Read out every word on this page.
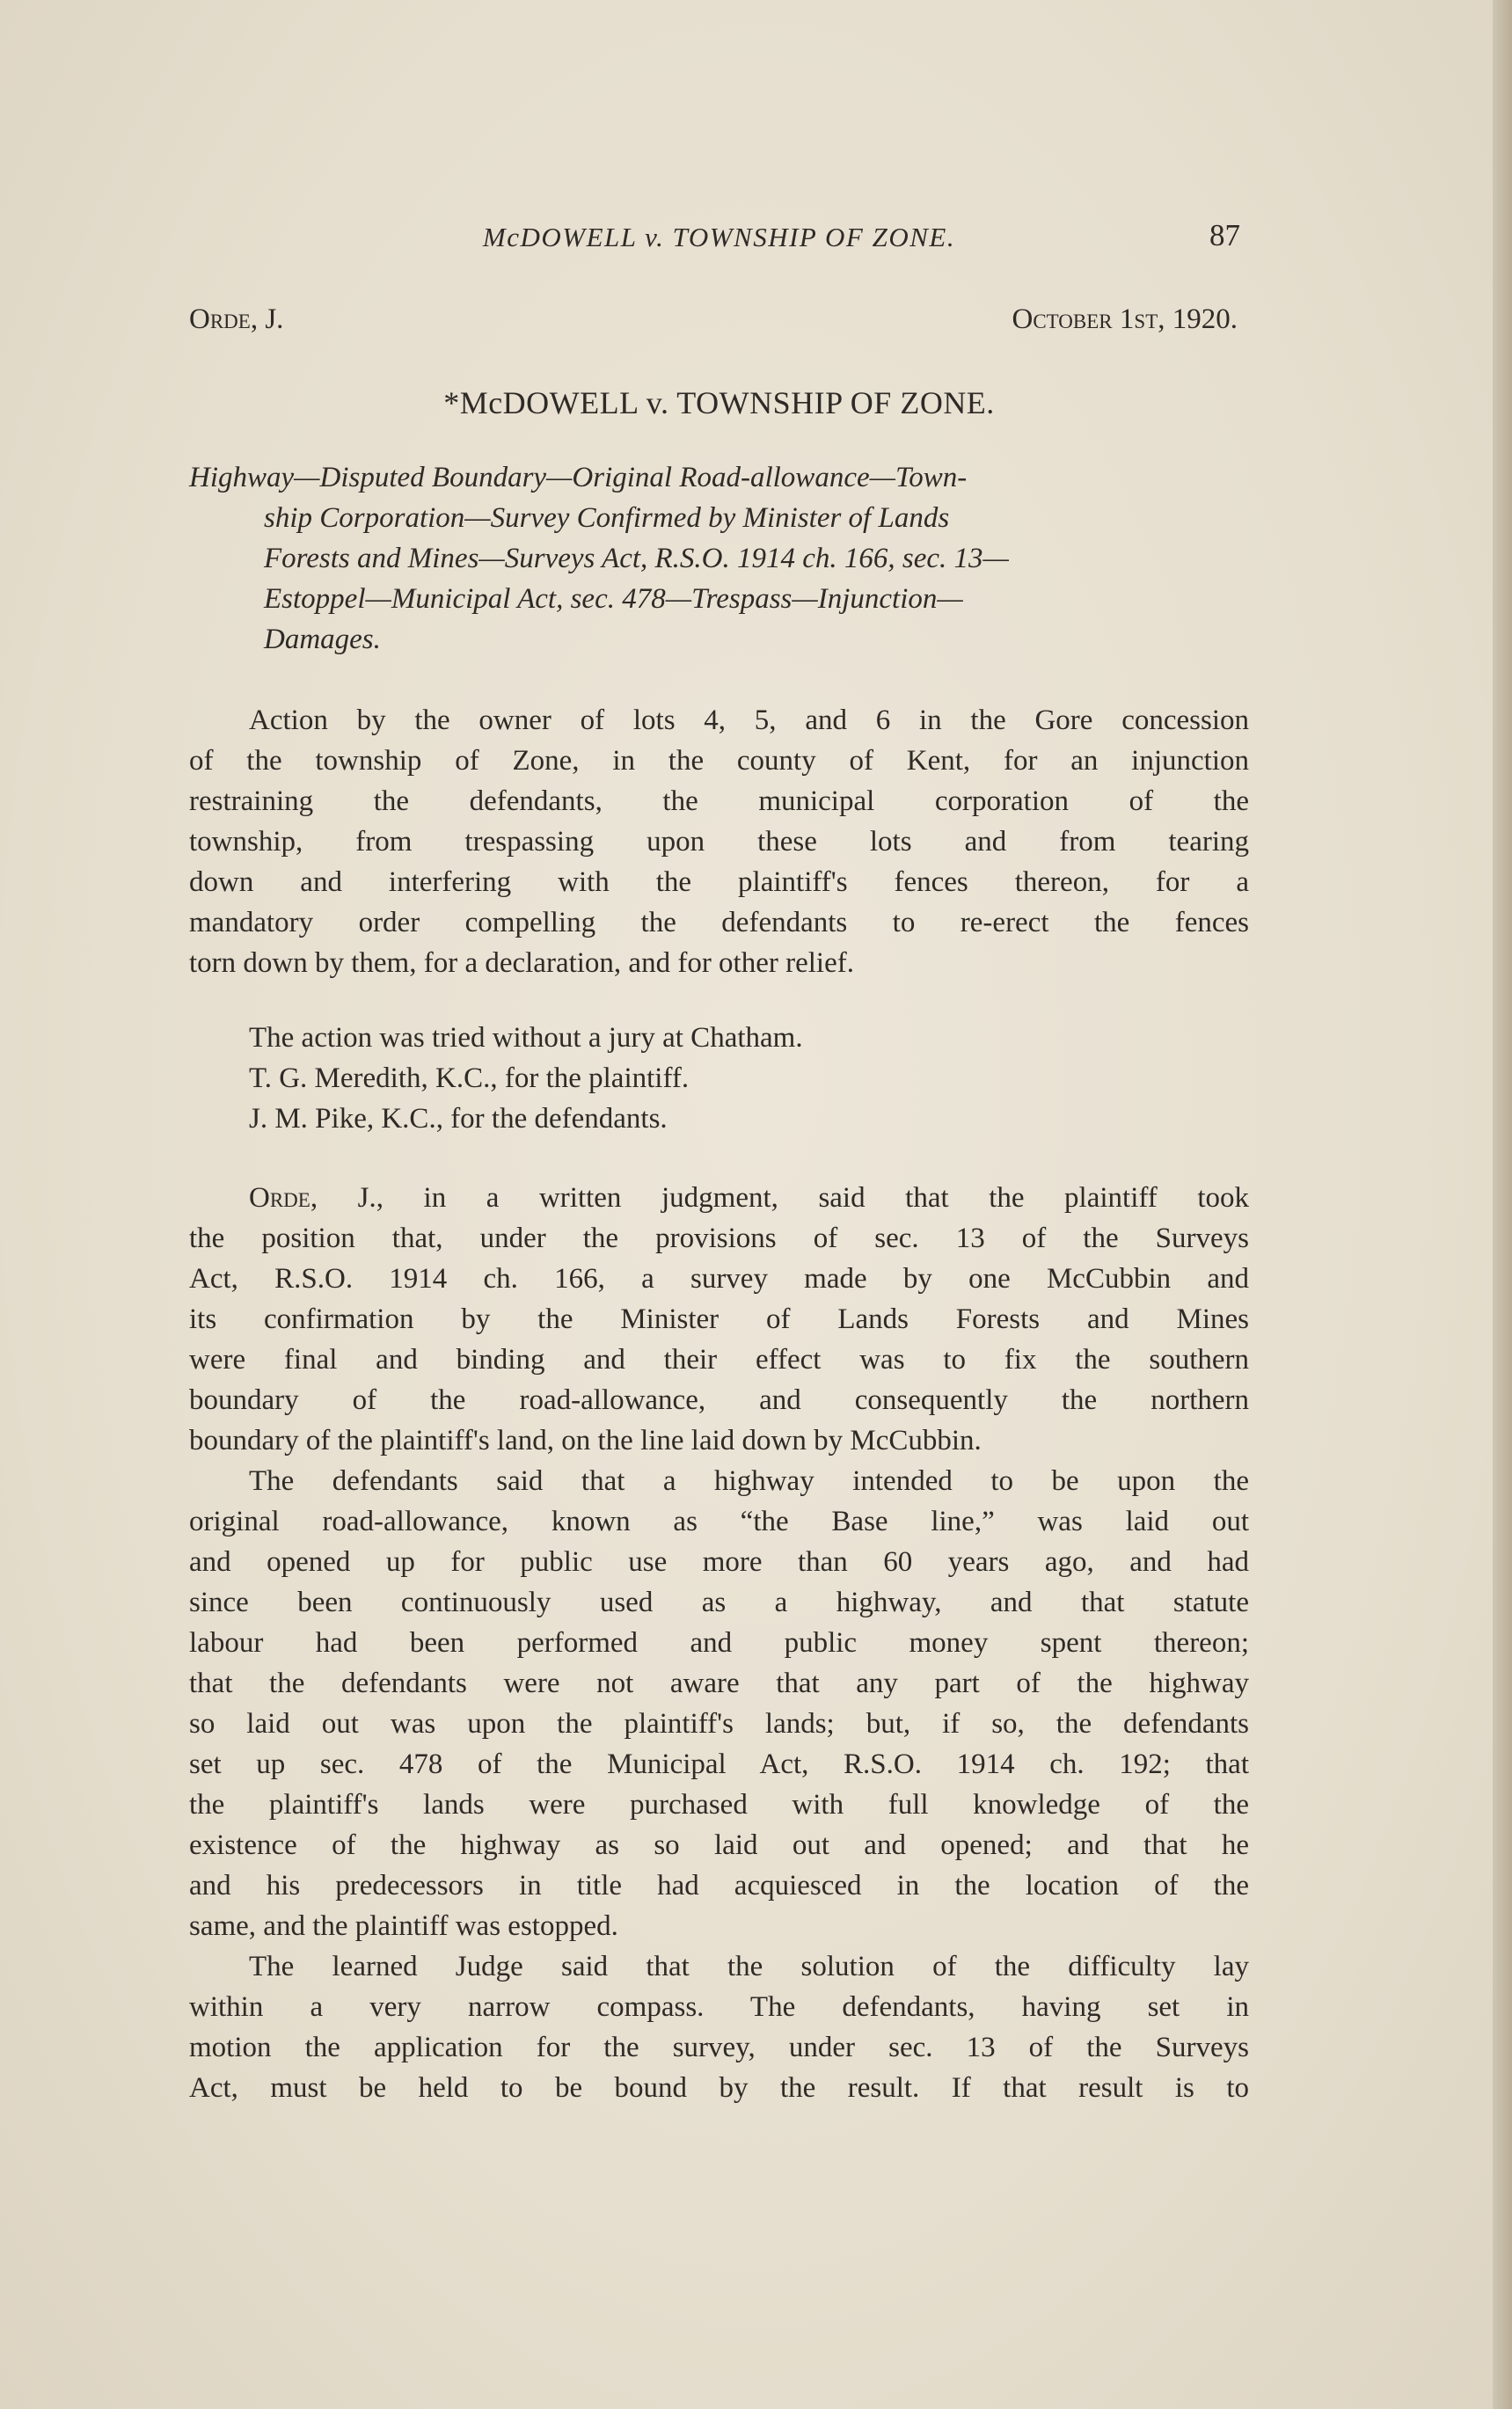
McDOWELL v. TOWNSHIP OF ZONE.	87
Orde, J.	October 1st, 1920.
*McDOWELL v. TOWNSHIP OF ZONE.
Highway—Disputed Boundary—Original Road-allowance—Town-
ship Corporation—Survey Confirmed by Minister of Lands
Forests and Mines—Surveys Act, R.S.O. 1914 ch. 166, sec. 13—
Estoppel—Municipal Act, sec. 478—Trespass—Injunction—
Damages.
Action by the owner of lots 4, 5, and 6 in the Gore concession
of the township of Zone, in the county of Kent, for an injunction
restraining the defendants, the municipal corporation of the
township, from trespassing upon these lots and from tearing
down and interfering with the plaintiff's fences thereon, for a
mandatory order compelling the defendants to re-erect the fences
torn down by them, for a declaration, and for other relief.
The action was tried without a jury at Chatham.
T. G. Meredith, K.C., for the plaintiff.
J. M. Pike, K.C., for the defendants.
Orde, J., in a written judgment, said that the plaintiff took
the position that, under the provisions of sec. 13 of the Surveys
Act, R.S.O. 1914 ch. 166, a survey made by one McCubbin and
its confirmation by the Minister of Lands Forests and Mines
were final and binding and their effect was to fix the southern
boundary of the road-allowance, and consequently the northern
boundary of the plaintiff's land, on the line laid down by McCubbin.
The defendants said that a highway intended to be upon the
original road-allowance, known as “the Base line,” was laid out
and opened up for public use more than 60 years ago, and had
since been continuously used as a highway, and that statute
labour had been performed and public money spent thereon;
that the defendants were not aware that any part of the highway
so laid out was upon the plaintiff's lands; but, if so, the defendants
set up sec. 478 of the Municipal Act, R.S.O. 1914 ch. 192; that
the plaintiff's lands were purchased with full knowledge of the
existence of the highway as so laid out and opened; and that he
and his predecessors in title had acquiesced in the location of the
same, and the plaintiff was estopped.
The learned Judge said that the solution of the difficulty lay
within a very narrow compass. The defendants, having set in
motion the application for the survey, under sec. 13 of the Surveys
Act, must be held to be bound by the result. If that result is to
